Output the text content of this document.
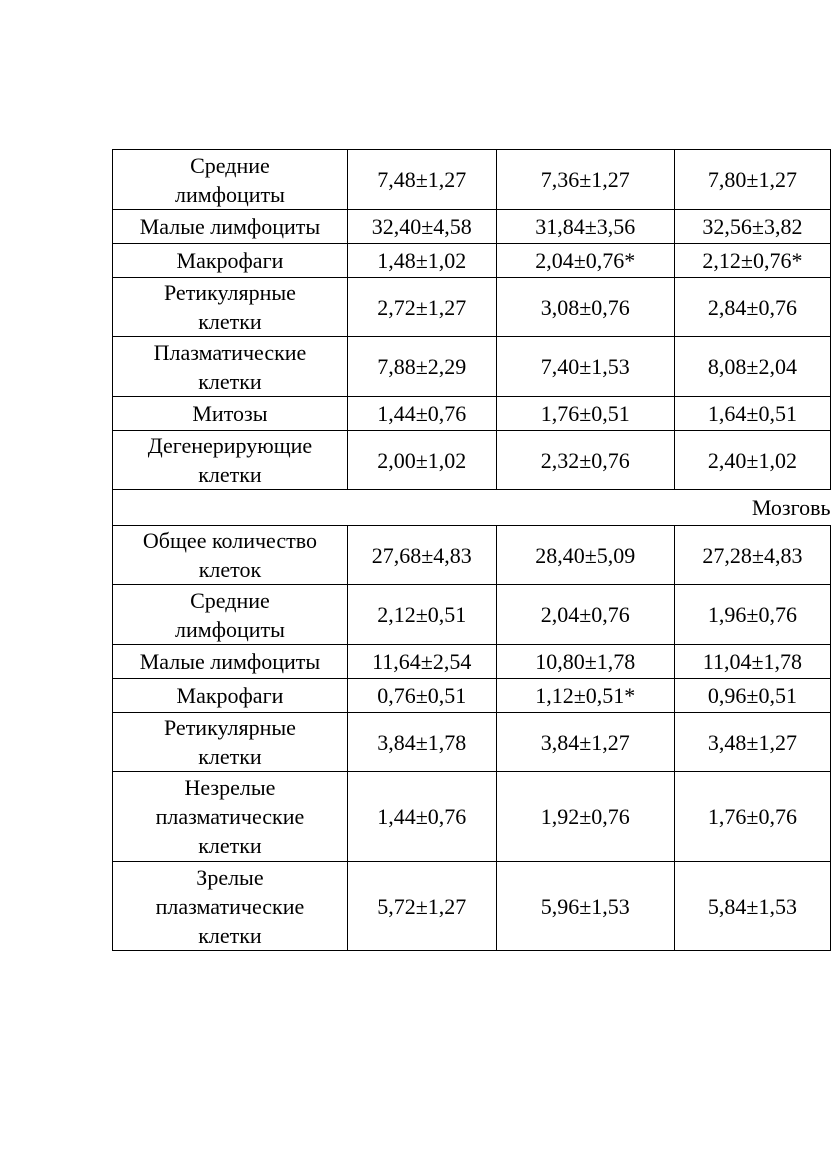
Средние лимфоциты	7,48±1,27	7,36±1,27	7,80±1,27
Малые лимфоциты	32,40±4,58	31,84±3,56	32,56±3,82
Макрофаги	1,48±1,02	2,04±0,76*	2,12±0,76*
Ретикулярные клетки	2,72±1,27	3,08±0,76	2,84±0,76
Плазматические клетки	7,88±2,29	7,40±1,53	8,08±2,04
Митозы	1,44±0,76	1,76±0,51	1,64±0,51
Дегенерирующие клетки	2,00±1,02	2,32±0,76	2,40±1,02
Мозговь			
Общее количество клеток	27,68±4,83	28,40±5,09	27,28±4,83
Средние лимфоциты	2,12±0,51	2,04±0,76	1,96±0,76
Малые лимфоциты	11,64±2,54	10,80±1,78	11,04±1,78
Макрофаги	0,76±0,51	1,12±0,51*	0,96±0,51
Ретикулярные клетки	3,84±1,78	3,84±1,27	3,48±1,27
Незрелые плазматические клетки	1,44±0,76	1,92±0,76	1,76±0,76
Зрелые плазматические клетки	5,72±1,27	5,96±1,53	5,84±1,53
